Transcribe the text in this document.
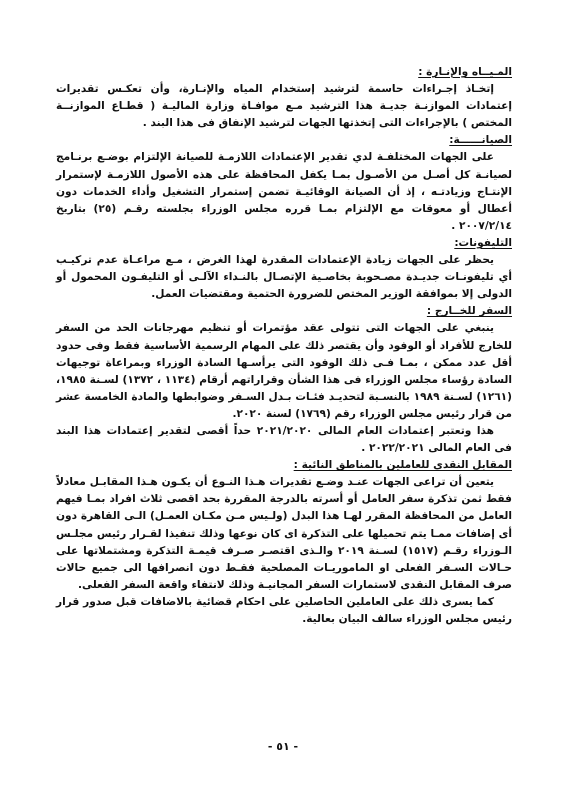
المـيــاه والإنـارة :

إتخـاذ إجـراءات حاسمة لترشيد إستخدام المياه والإنـارة، وأن تعكـس تقديرات إعتمادات الموازنـة جديـة هذا الترشيد مـع موافـاة وزارة الماليـة ( قطـاع الموازنــة المختص ) بالإجراءات التى إتخذتها الجهات لترشيد الإنفاق فى هذا البند .

الصيانــــــة:

على الجهات المختلفـة لدي تقدير الإعتمادات اللازمـة للصيانة الإلتزام بوضـع برنـامج لصيانـة كل أصـل من الأصـول بمـا يكفل المحافظة على هذه الأصول اللازمـة لإستمرار الإنتـاج وزيادتـه ، إذ أن الصيانة الوقائيـة تضمن إستمرار التشغيل وأداء الخدمات دون أعطال أو معوقات مع الإلتزام بمـا قرره مجلس الوزراء بجلسته رقـم (٢٥) بتاريخ ٢٠٠٧/٢/١٤ .

التليفونات:

يحظر على الجهات زيادة الإعتمادات المقدرة لهذا الغرض ، مـع مراعـاة عدم تركيـب أي تليفونـات جديـدة مصـحوبة بخاصـية الإتصـال بالنـداء الآلـى أو التليفـون المحمول أو الدولى إلا بموافقة الوزير المختص للضرورة الحتمية ومقتضيات العمل.

السفر للخــارج :

ينبغي على الجهات التى تتولى عقد مؤتمرات أو تنظيم مهرجانات الحد من السفر للخارج للأفراد أو الوفود وأن يقتصر ذلك على المهام الرسمية الأساسية فقط وفى حدود أقل عدد ممكن ، بمـا فـى ذلك الوفود التى يرأسـها السادة الوزراء وبمراعاة توجيهات السادة رؤساء مجلس الوزراء فى هذا الشأن وقراراتهم أرقام (١١٣٤ ، ١٣٧٢) لسـنة ١٩٨٥، (١٢٦١) لسـنة ١٩٨٩ بالنسـبة لتحديـد فئـات بـدل السـفر وضوابطها والمادة الخامسة عشر من قرار رئيس مجلس الوزراء رقم (١٧٦٩) لسنة ٢٠٢٠.

هذا وتعتبر إعتمادات العام المالى ٢٠٢١/٢٠٢٠ حداً أقصى لتقدير إعتمادات هذا البند فى العام المالى ٢٠٢٢/٢٠٢١ .

المقابل النقدي للعاملين بالمناطق النائية :

يتعين أن تراعى الجهات عنـد وضـع تقديرات هـذا النـوع أن يكـون هـذا المقابـل معادلاً فقط ثمن تذكرة سفر العامل أو أسرته بالدرجة المقررة بحد اقصى ثلاث افراد بمـا فيهم العامل من المحافظة المقرر لهـا هذا البدل (ولـيس مـن مكـان العمـل) الـى القاهرة دون أى إضافات ممـا يتم تحميلها على التذكرة اى كان نوعها وذلك تنفيذا لقـرار رئيس مجلـس الـوزراء رقـم (١٥١٧) لسـنة ٢٠١٩ والـذى اقتصـر صـرف قيمـة التذكرة ومشتملاتها على حـالات السـفر الفعلى او الماموريـات المصلحية فقـط دون انصرافها الى جميع حالات صرف المقابل النقدى لاستمارات السفر المجانيـة وذلك لانتفاء واقعة السفر الفعلى.

كما يسرى ذلك على العاملين الحاصلين على احكام قضائية بالاضافات قبل صدور قرار رئيس مجلس الوزراء سالف البيان بعالية.

- ٥١ -
